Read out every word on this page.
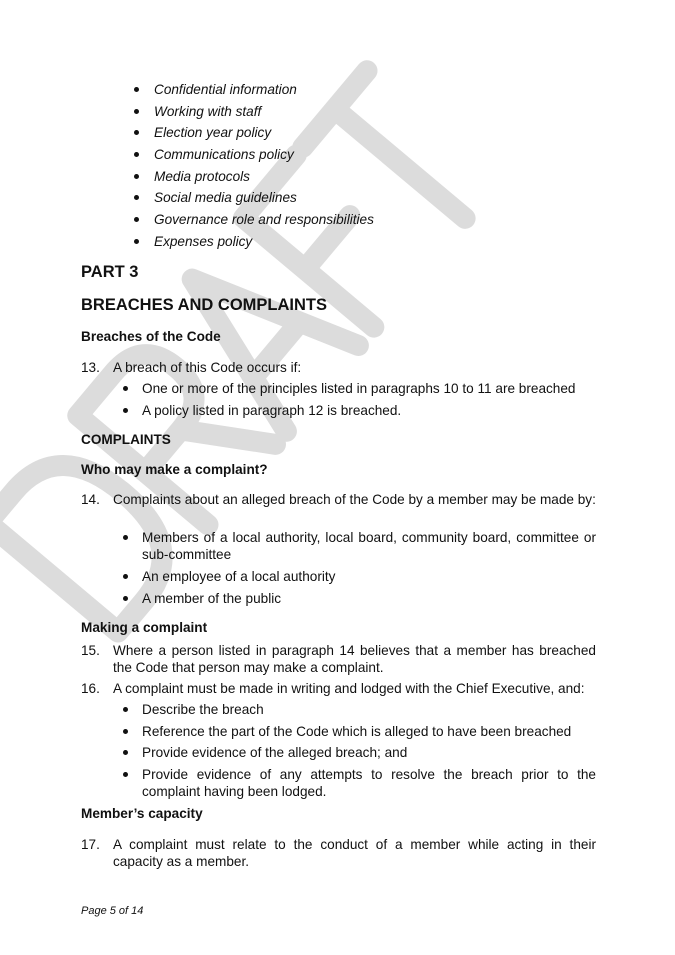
Confidential information
Working with staff
Election year policy
Communications policy
Media protocols
Social media guidelines
Governance role and responsibilities
Expenses policy
PART 3
BREACHES AND COMPLAINTS
Breaches of the Code
13. A breach of this Code occurs if:
One or more of the principles listed in paragraphs 10 to 11 are breached
A policy listed in paragraph 12 is breached.
COMPLAINTS
Who may make a complaint?
14. Complaints about an alleged breach of the Code by a member may be made by:
Members of a local authority, local board, community board, committee or sub-committee
An employee of a local authority
A member of the public
Making a complaint
15. Where a person listed in paragraph 14 believes that a member has breached the Code that person may make a complaint.
16. A complaint must be made in writing and lodged with the Chief Executive, and:
Describe the breach
Reference the part of the Code which is alleged to have been breached
Provide evidence of the alleged breach; and
Provide evidence of any attempts to resolve the breach prior to the complaint having been lodged.
Member’s capacity
17. A complaint must relate to the conduct of a member while acting in their capacity as a member.
Page 5 of 14
